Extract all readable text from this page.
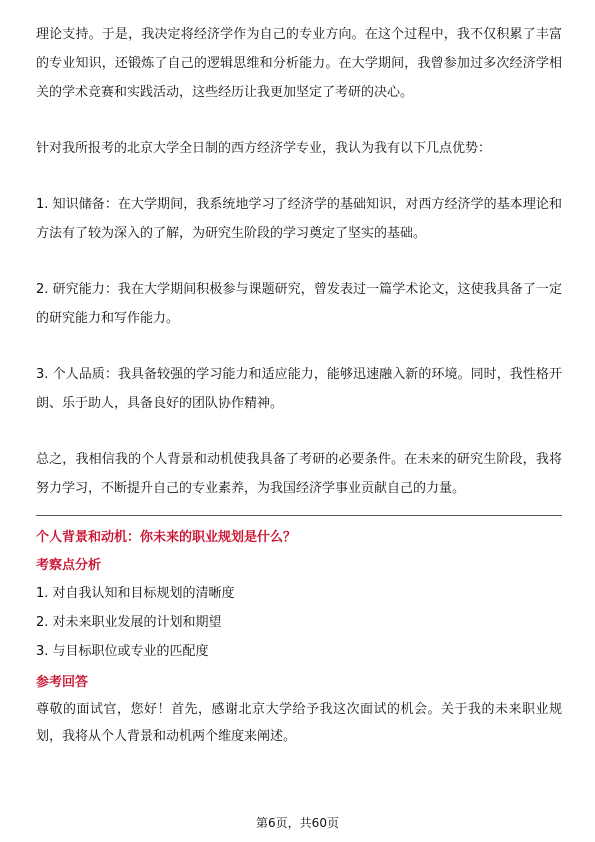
理论支持。于是，我决定将经济学作为自己的专业方向。在这个过程中，我不仅积累了丰富的专业知识，还锻炼了自己的逻辑思维和分析能力。在大学期间，我曾参加过多次经济学相关的学术竞赛和实践活动，这些经历让我更加坚定了考研的决心。

针对我所报考的北京大学全日制的西方经济学专业，我认为我有以下几点优势：

1. 知识储备：在大学期间，我系统地学习了经济学的基础知识，对西方经济学的基本理论和方法有了较为深入的了解，为研究生阶段的学习奠定了坚实的基础。

2. 研究能力：我在大学期间积极参与课题研究，曾发表过一篇学术论文，这使我具备了一定的研究能力和写作能力。

3. 个人品质：我具备较强的学习能力和适应能力，能够迅速融入新的环境。同时，我性格开朗、乐于助人，具备良好的团队协作精神。

总之，我相信我的个人背景和动机使我具备了考研的必要条件。在未来的研究生阶段，我将努力学习，不断提升自己的专业素养，为我国经济学事业贡献自己的力量。

个人背景和动机：你未来的职业规划是什么？

考察点分析

1. 对自我认知和目标规划的清晰度

2. 对未来职业发展的计划和期望

3. 与目标职位或专业的匹配度

参考回答

尊敬的面试官，您好！首先，感谢北京大学给予我这次面试的机会。关于我的未来职业规划，我将从个人背景和动机两个维度来阐述。

第6页，共60页
